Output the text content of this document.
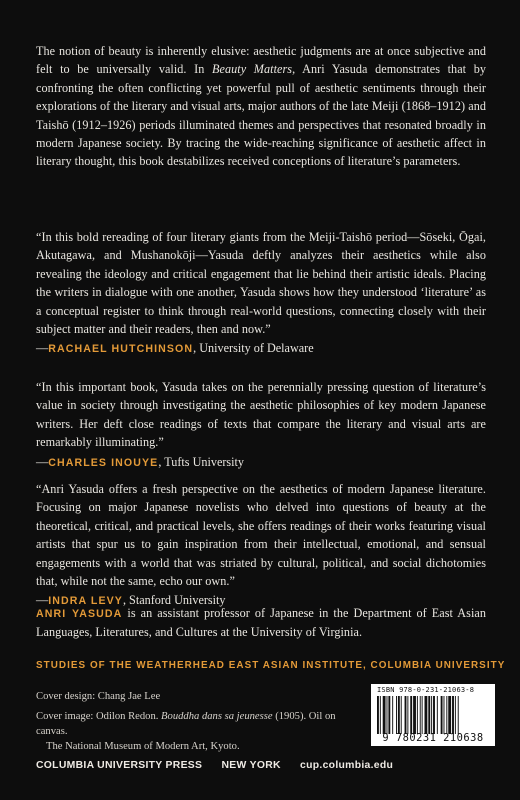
The notion of beauty is inherently elusive: aesthetic judgments are at once subjective and felt to be universally valid. In Beauty Matters, Anri Yasuda demonstrates that by confronting the often conflicting yet powerful pull of aesthetic sentiments through their explorations of the literary and visual arts, major authors of the late Meiji (1868–1912) and Taishō (1912–1926) periods illuminated themes and perspectives that resonated broadly in modern Japanese society. By tracing the wide-reaching significance of aesthetic affect in literary thought, this book destabilizes received conceptions of literature’s parameters.

“In this bold rereading of four literary giants from the Meiji-Taishō period—Sōseki, Ōgai, Akutagawa, and Mushanokōji—Yasuda deftly analyzes their aesthetics while also revealing the ideology and critical engagement that lie behind their artistic ideals. Placing the writers in dialogue with one another, Yasuda shows how they understood ‘literature’ as a conceptual register to think through real-world questions, connecting closely with their subject matter and their readers, then and now.”

—RACHAEL HUTCHINSON, University of Delaware

“In this important book, Yasuda takes on the perennially pressing question of literature’s value in society through investigating the aesthetic philosophies of key modern Japanese writers. Her deft close readings of texts that compare the literary and visual arts are remarkably illuminating.”

—CHARLES INOUYE, Tufts University

“Anri Yasuda offers a fresh perspective on the aesthetics of modern Japanese literature. Focusing on major Japanese novelists who delved into questions of beauty at the theoretical, critical, and practical levels, she offers readings of their works featuring visual artists that spur us to gain inspiration from their intellectual, emotional, and sensual engagements with a world that was striated by cultural, political, and social dichotomies that, while not the same, echo our own.”

—INDRA LEVY, Stanford University

ANRI YASUDA is an assistant professor of Japanese in the Department of East Asian Languages, Literatures, and Cultures at the University of Virginia.

STUDIES OF THE WEATHERHEAD EAST ASIAN INSTITUTE, COLUMBIA UNIVERSITY

Cover design: Chang Jae Lee

Cover image: Odilon Redon. Bouddha dans sa jeunesse (1905). Oil on canvas.

The National Museum of Modern Art, Kyoto.

ISBN 978-0-231-21063-8
9 780231 210638
COLUMBIA UNIVERSITY PRESS NEW YORK cup.columbia.edu
